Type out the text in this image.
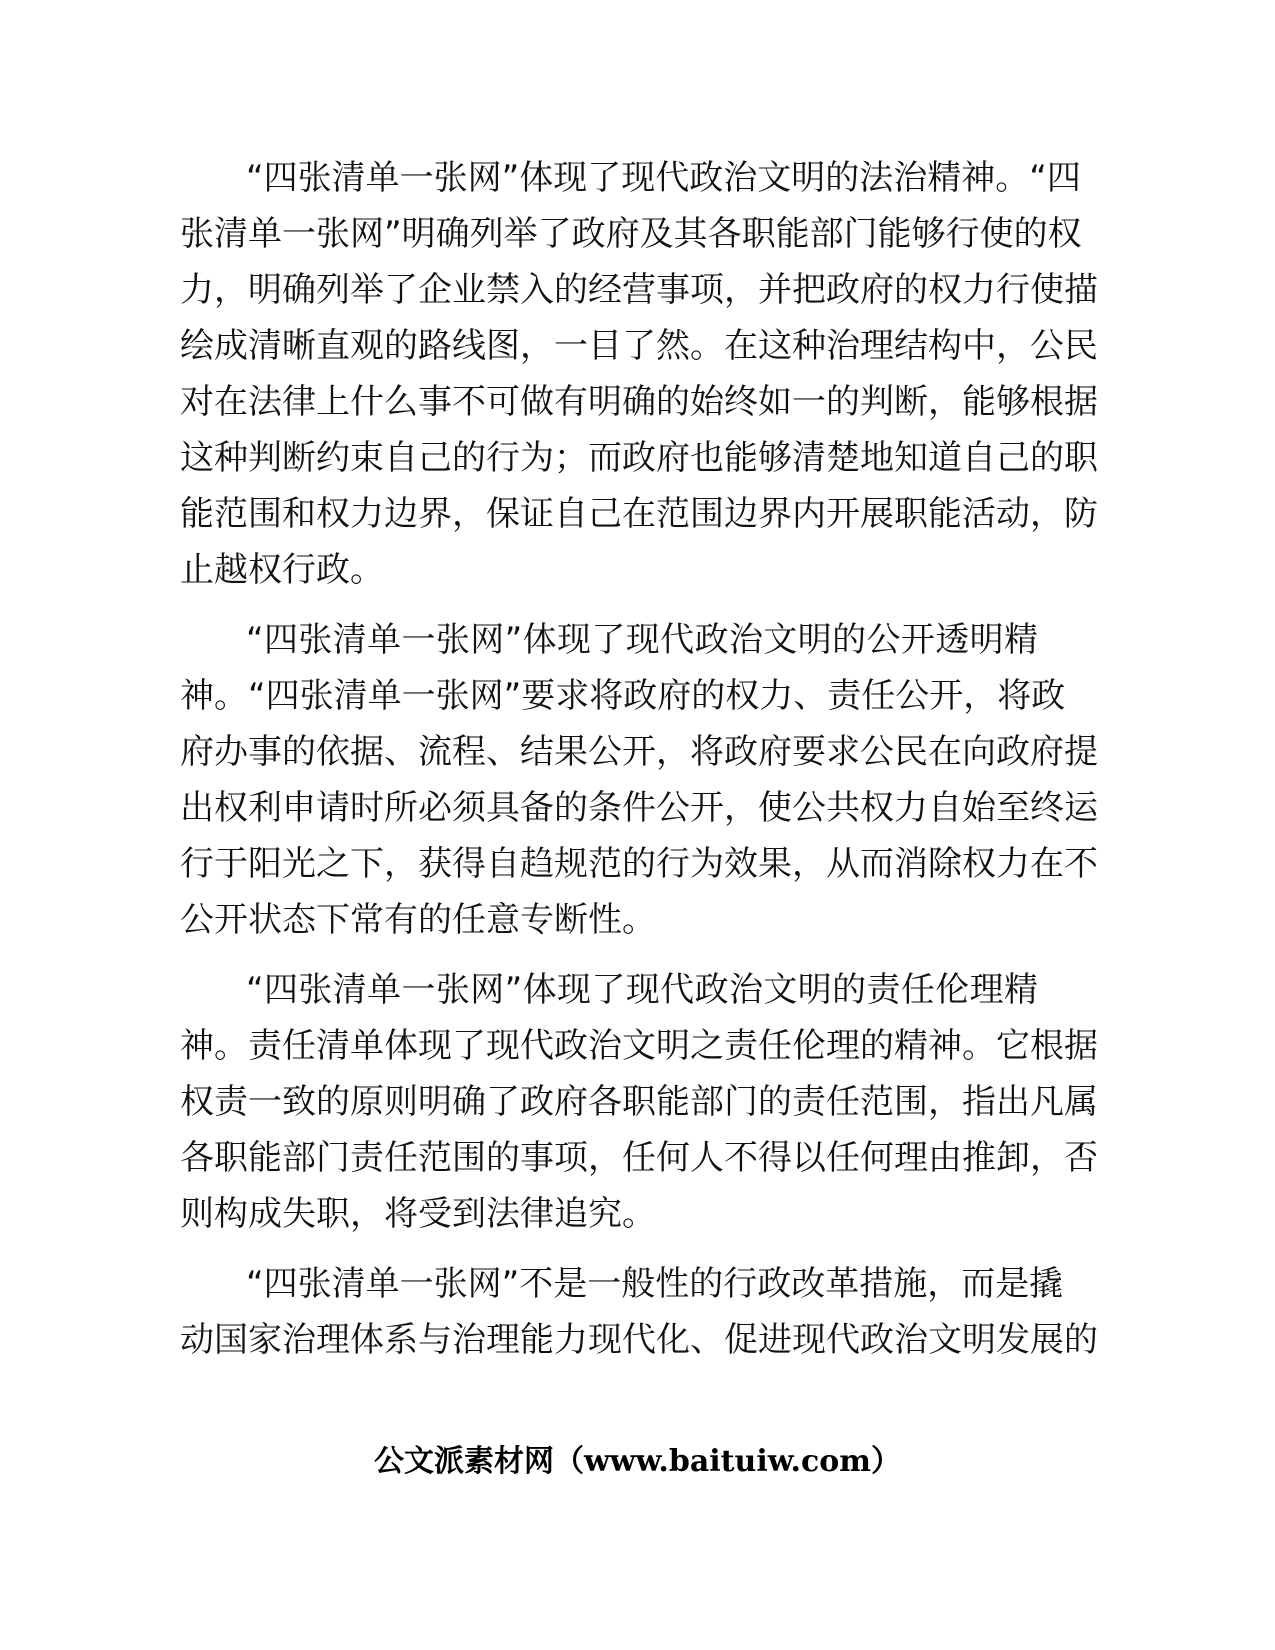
“四张清单一张网”体现了现代政治文明的法治精神。“四
张清单一张网”明确列举了政府及其各职能部门能够行使的权
力，明确列举了企业禁入的经营事项，并把政府的权力行使描
绘成清晰直观的路线图，一目了然。在这种治理结构中，公民
对在法律上什么事不可做有明确的始终如一的判断，能够根据
这种判断约束自己的行为；而政府也能够清楚地知道自己的职
能范围和权力边界，保证自己在范围边界内开展职能活动，防
止越权行政。
“四张清单一张网”体现了现代政治文明的公开透明精
神。“四张清单一张网”要求将政府的权力、责任公开，将政
府办事的依据、流程、结果公开，将政府要求公民在向政府提
出权利申请时所必须具备的条件公开，使公共权力自始至终运
行于阳光之下，获得自趋规范的行为效果，从而消除权力在不
公开状态下常有的任意专断性。
“四张清单一张网”体现了现代政治文明的责任伦理精
神。责任清单体现了现代政治文明之责任伦理的精神。它根据
权责一致的原则明确了政府各职能部门的责任范围，指出凡属
各职能部门责任范围的事项，任何人不得以任何理由推卸，否
则构成失职，将受到法律追究。
“四张清单一张网”不是一般性的行政改革措施，而是撬
动国家治理体系与治理能力现代化、促进现代政治文明发展的
公文派素材网（www.baituiw.com）
